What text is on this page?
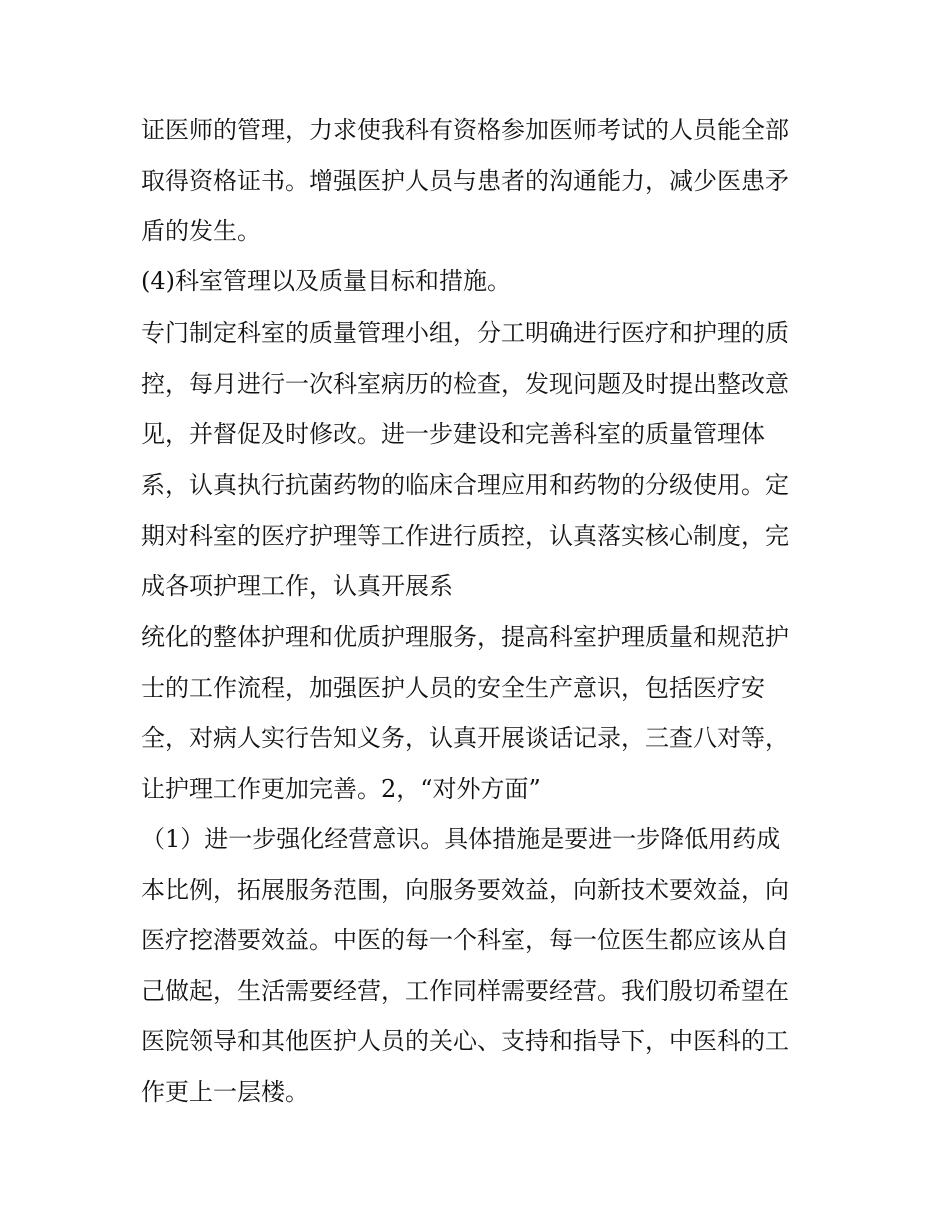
证医师的管理，力求使我科有资格参加医师考试的人员能全部
取得资格证书。增强医护人员与患者的沟通能力，减少医患矛
盾的发生。
(4)科室管理以及质量目标和措施。
专门制定科室的质量管理小组，分工明确进行医疗和护理的质
控，每月进行一次科室病历的检查，发现问题及时提出整改意
见，并督促及时修改。进一步建设和完善科室的质量管理体
系，认真执行抗菌药物的临床合理应用和药物的分级使用。定
期对科室的医疗护理等工作进行质控，认真落实核心制度，完
成各项护理工作，认真开展系
统化的整体护理和优质护理服务，提高科室护理质量和规范护
士的工作流程，加强医护人员的安全生产意识，包括医疗安
全，对病人实行告知义务，认真开展谈话记录，三查八对等，
让护理工作更加完善。2，“对外方面”
（1）进一步强化经营意识。具体措施是要进一步降低用药成
本比例，拓展服务范围，向服务要效益，向新技术要效益，向
医疗挖潜要效益。中医的每一个科室，每一位医生都应该从自
己做起，生活需要经营，工作同样需要经营。我们殷切希望在
医院领导和其他医护人员的关心、支持和指导下，中医科的工
作更上一层楼。
